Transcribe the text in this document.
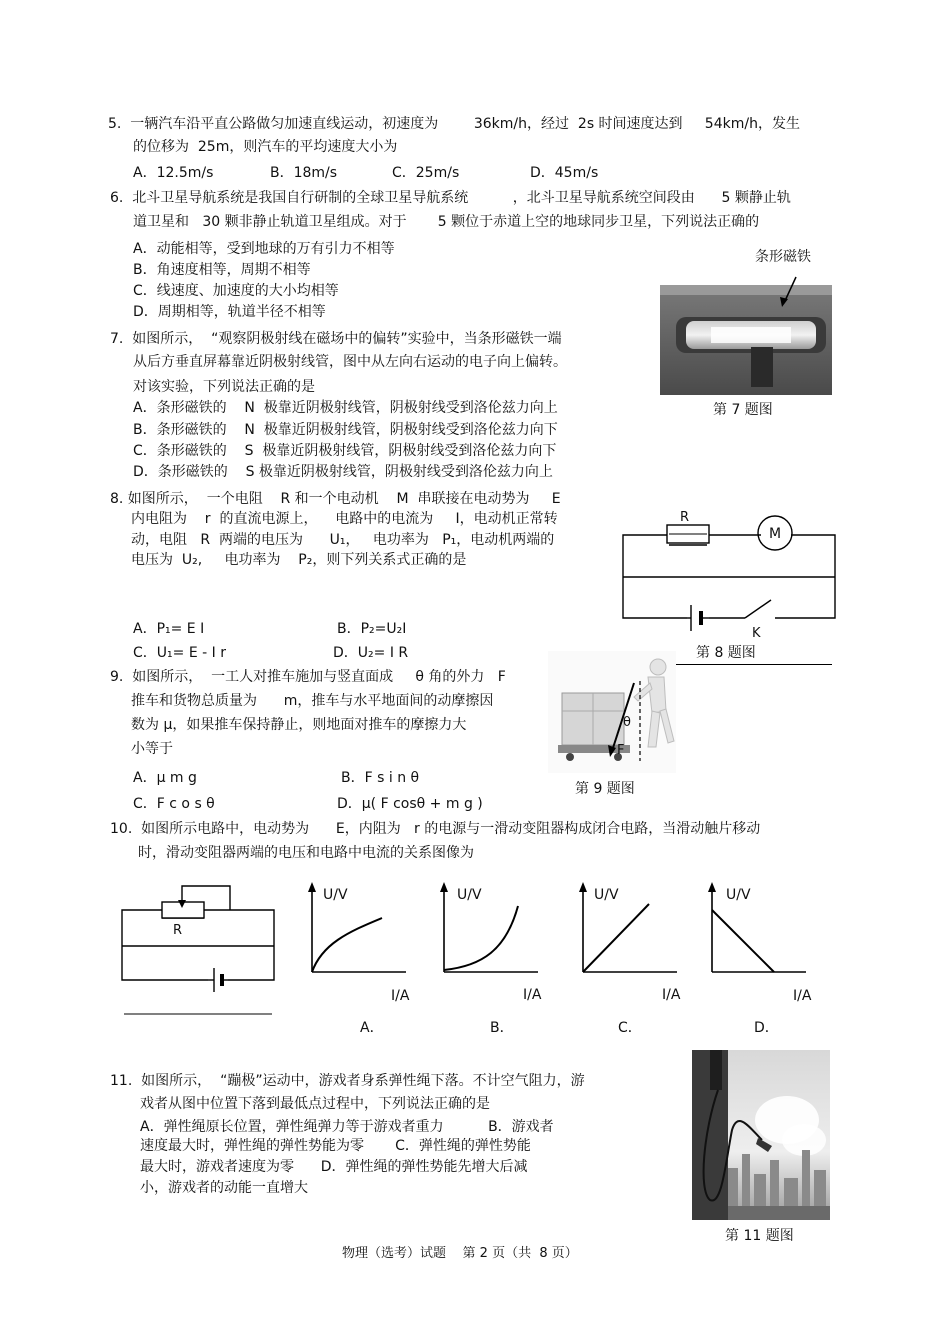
5.  一辆汽车沿平直公路做匀加速直线运动，初速度为        36km/h，经过  2s 时间速度达到     54km/h，发生
的位移为  25m，则汽车的平均速度大小为
A．12.5m/s	B．18m/s	C．25m/s	D．45m/s
6.  北斗卫星导航系统是我国自行研制的全球卫星导航系统          ，北斗卫星导航系统空间段由      5 颗静止轨
道卫星和   30 颗非静止轨道卫星组成。对于       5 颗位于赤道上空的地球同步卫星，下列说法正确的
A．动能相等，受到地球的万有引力不相等
B．角速度相等，周期不相等
C．线速度、加速度的大小均相等
D．周期相等，轨道半径不相等
7.  如图所示，  “观察阴极射线在磁场中的偏转”实验中，当条形磁铁一端
从后方垂直屏幕靠近阴极射线管，图中从左向右运动的电子向上偏转。
对该实验，下列说法正确的是
A．条形磁铁的    N  极靠近阴极射线管，阴极射线受到洛伦兹力向上
B．条形磁铁的    N  极靠近阴极射线管，阴极射线受到洛伦兹力向下
C．条形磁铁的    S  极靠近阴极射线管，阴极射线受到洛伦兹力向下
D．条形磁铁的    S 极靠近阴极射线管，阴极射线受到洛伦兹力向上
条形磁铁
第 7 题图
8. 如图所示，  一个电阻    R 和一个电动机    M  串联接在电动势为     E
内电阻为    r  的直流电源上，    电路中的电流为     I，电动机正常转
动，电阻   R  两端的电压为      U₁，   电功率为   P₁，电动机两端的
电压为  U₂,     电功率为    P₂，则下列关系式正确的是
A．P₁= E I	B．P₂=U₂I
C．U₁= E - I r	D．U₂= I R
R
M
K
第 8 题图
9.  如图所示，  一工人对推车施加与竖直面成     θ 角的外力   F
推车和货物总质量为      m，推车与水平地面间的动摩擦因
数为 μ，如果推车保持静止，则地面对推车的摩擦力大
小等于
A．μ m g	B．F s i n θ
C．F c o s θ	D．μ( F cosθ + m g )
θ
F
第 9 题图
10.  如图所示电路中，电动势为      E，内阻为   r 的电源与一滑动变阻器构成闭合电路，当滑动触片移动
时，滑动变阻器两端的电压和电路中电流的关系图像为
R
U/V
I/A
A．
U/V
I/A
B．
U/V
I/A
C．
U/V
I/A
D．
11.  如图所示，  “蹦极”运动中，游戏者身系弹性绳下落。不计空气阻力，游
戏者从图中位置下落到最低点过程中，下列说法正确的是
A．弹性绳原长位置，弹性绳弹力等于游戏者重力          B．游戏者
速度最大时，弹性绳的弹性势能为零       C．弹性绳的弹性势能
最大时，游戏者速度为零      D．弹性绳的弹性势能先增大后减
小，游戏者的动能一直增大
第 11 题图
物理（选考）试题    第 2 页（共  8 页）
